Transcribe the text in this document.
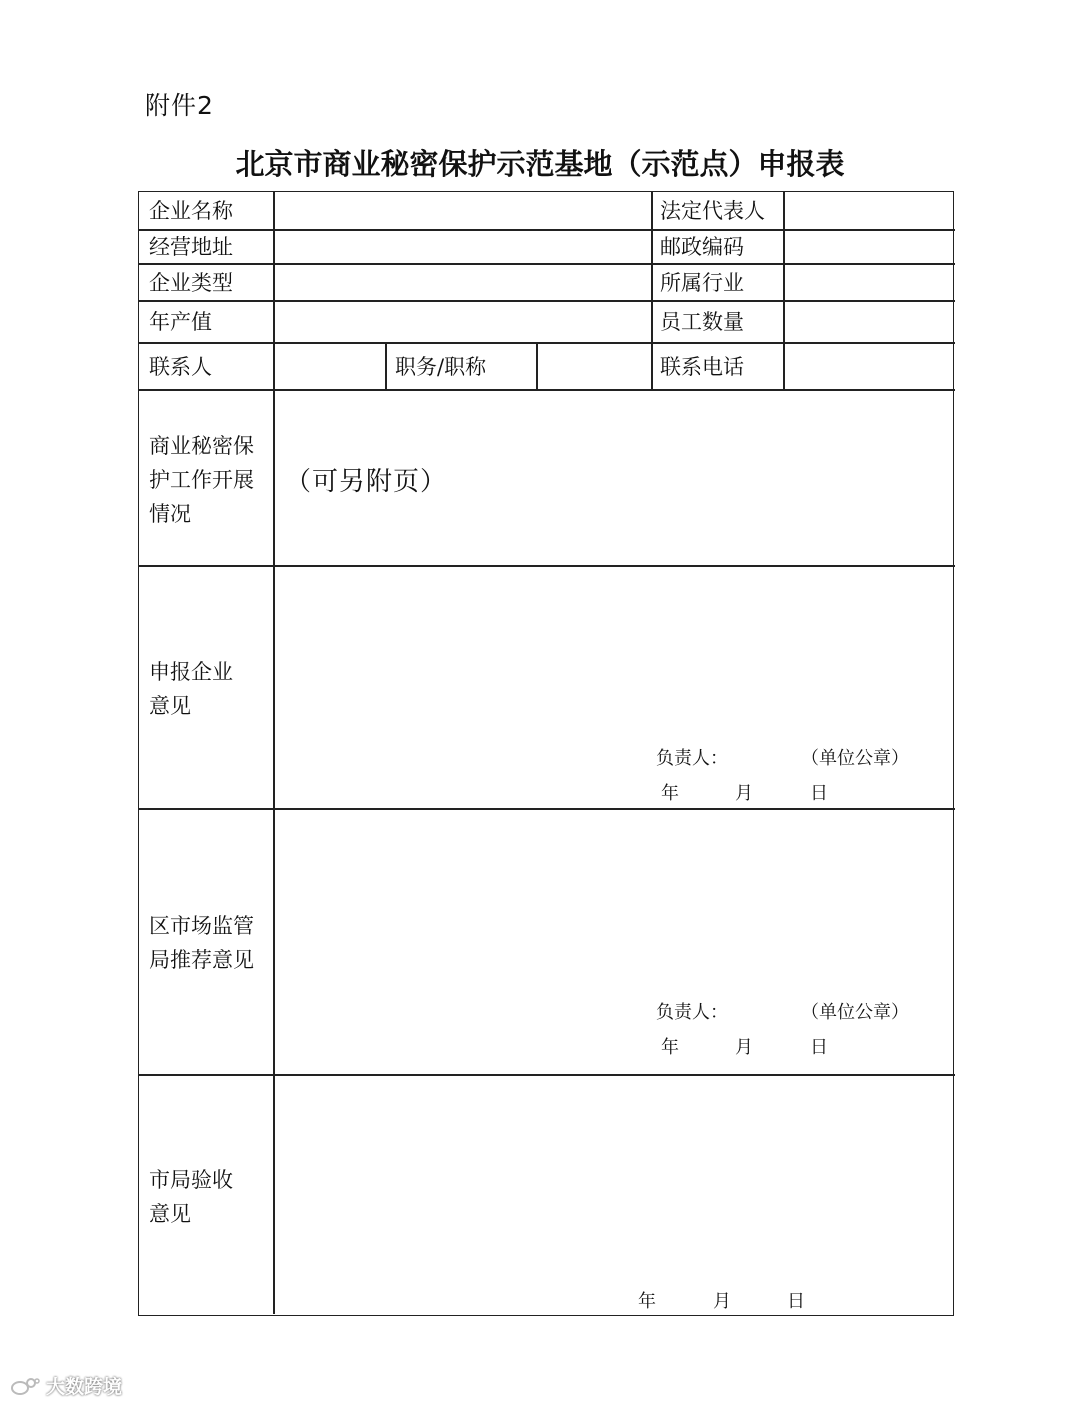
附件2
北京市商业秘密保护示范基地（示范点）申报表
企业名称	法定代表人
经营地址	邮政编码
企业类型	所属行业
年产值	员工数量
联系人	职务/职称	联系电话
商业秘密保
护工作开展
情况
（可另附页）
申报企业
意见
负责人：	（单位公章）
年	月	日
区市场监管
局推荐意见
负责人：	（单位公章）
年	月	日
市局验收
意见
年	月	日
大数跨境
